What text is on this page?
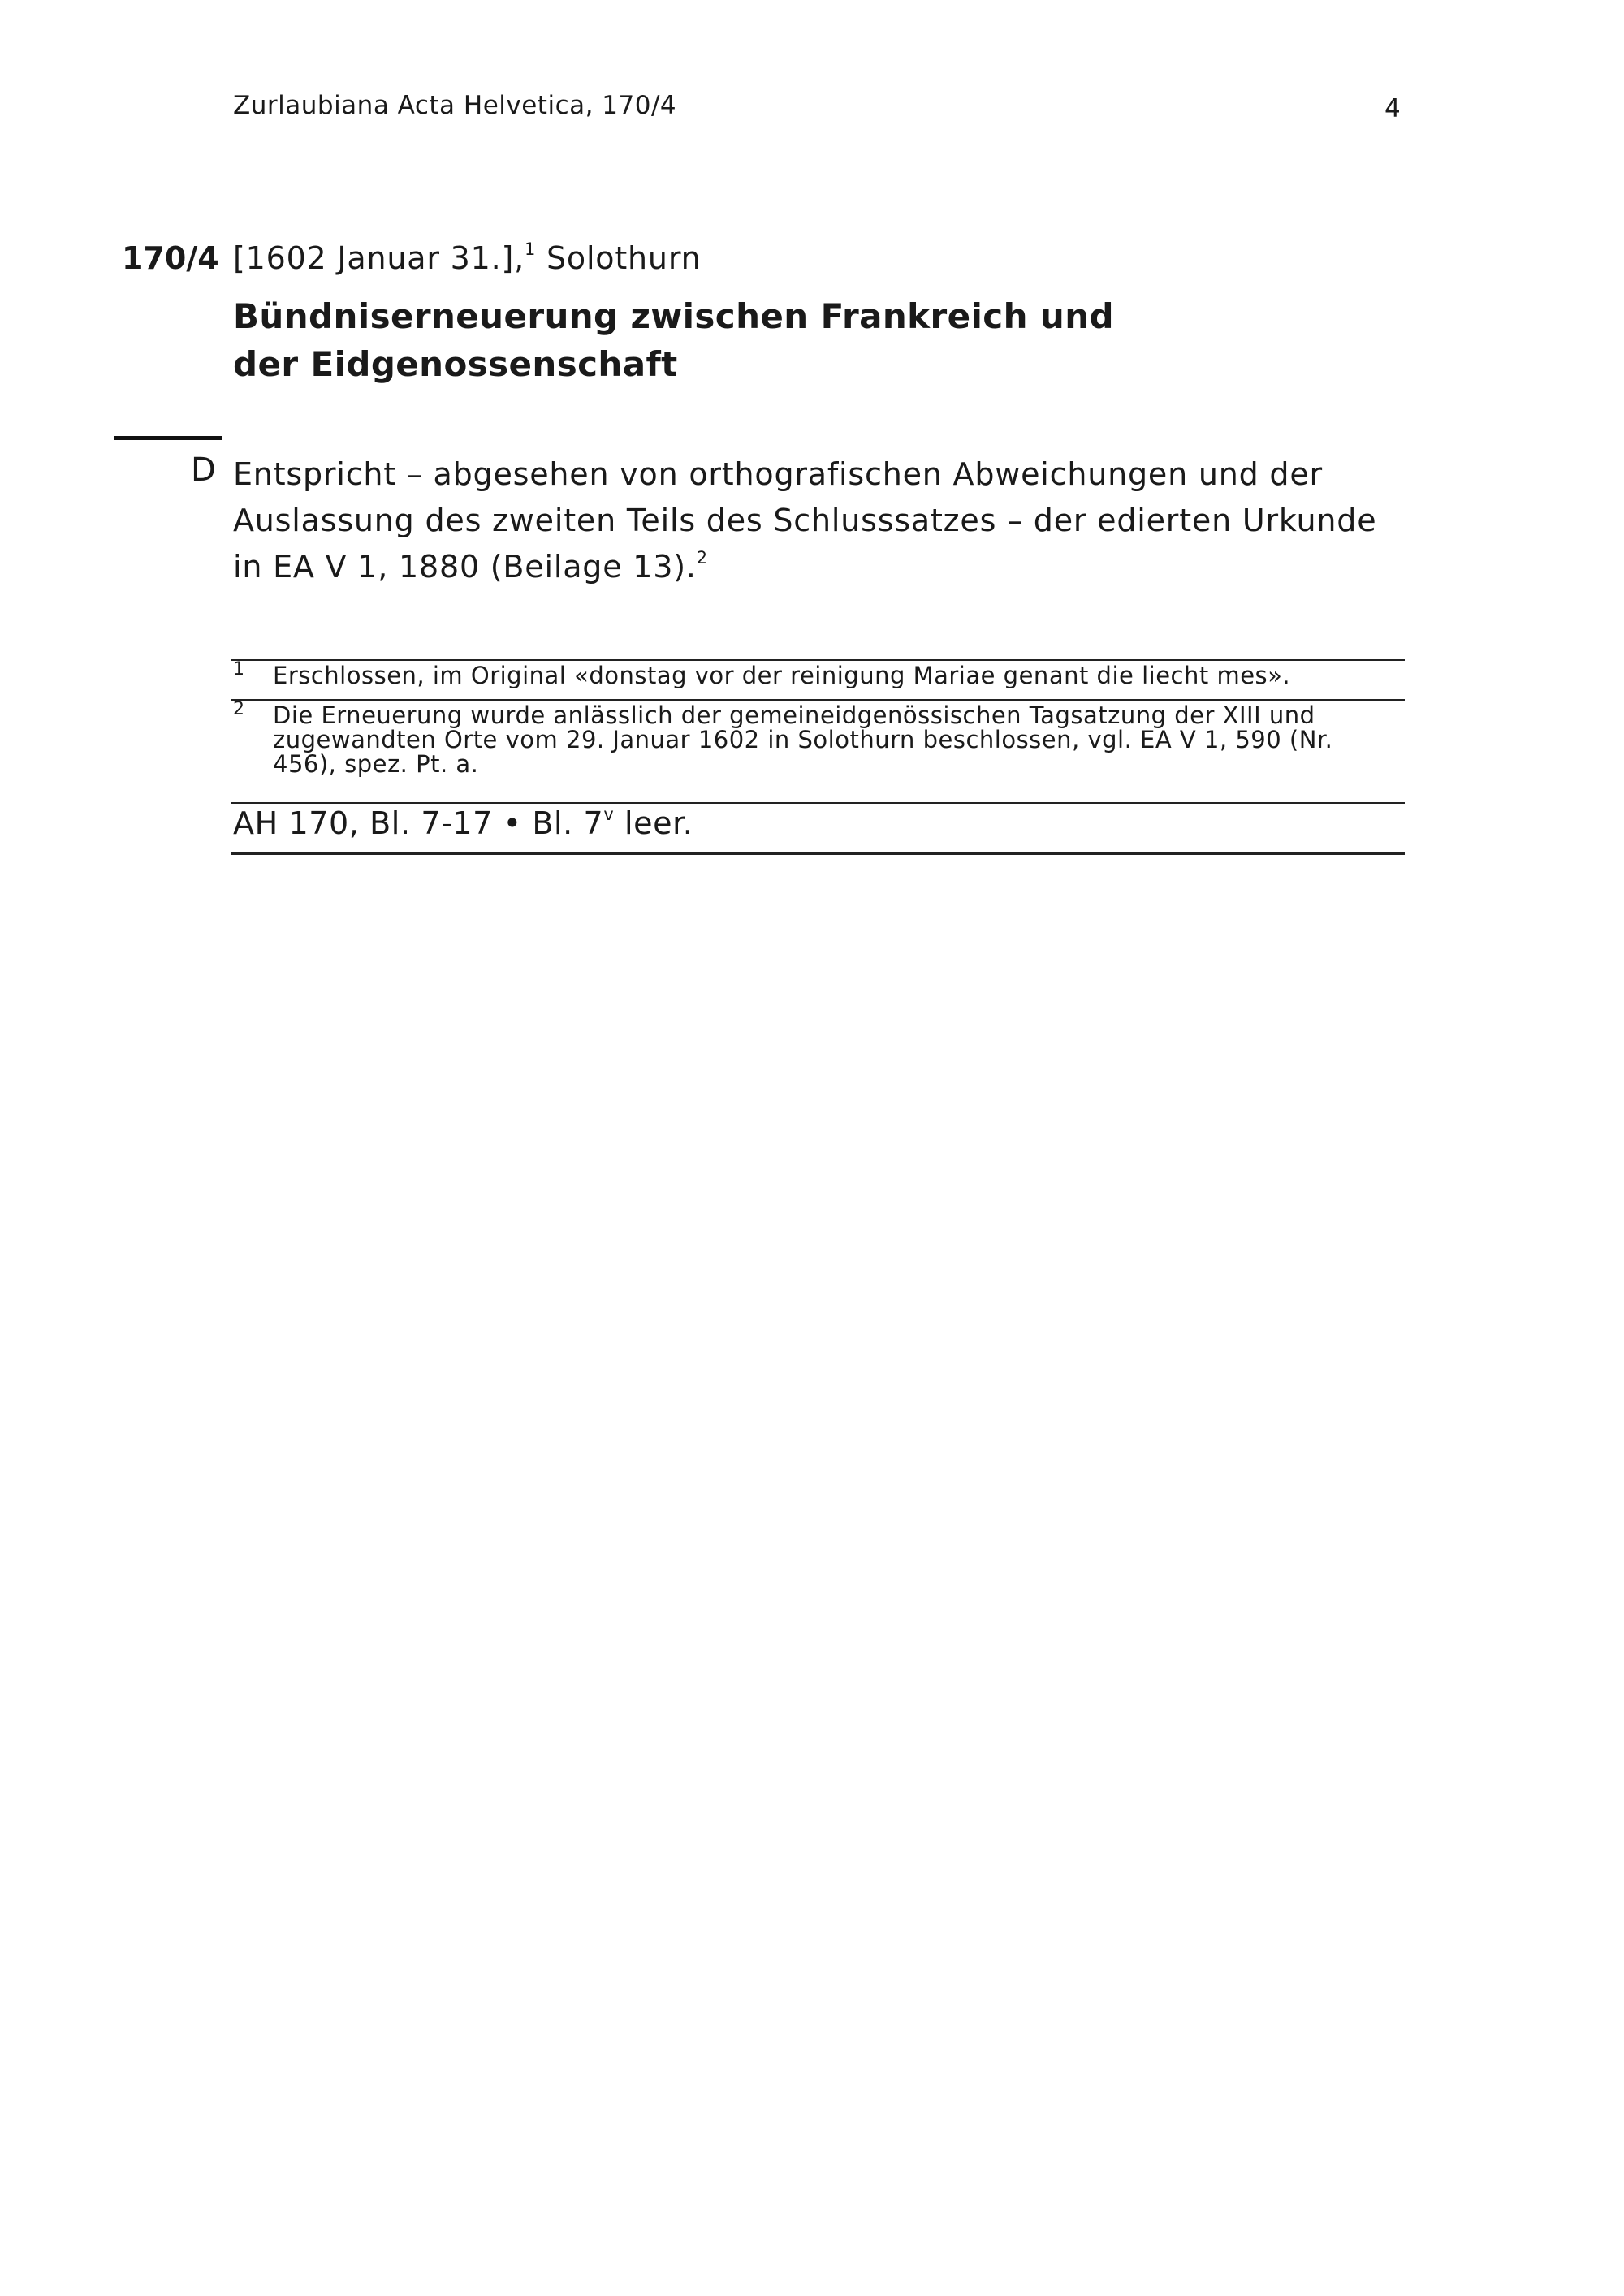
Zurlaubiana Acta Helvetica, 170/4	4
170/4 [1602 Januar 31.],$^1$ Solothurn
Bündniserneuerung zwischen Frankreich und der Eidgenossenschaft
D Entspricht – abgesehen von orthografischen Abweichungen und der Auslassung des zweiten Teils des Schlusssatzes – der edierten Urkunde in EA V 1, 1880 (Beilage 13).$^2$
1 Erschlossen, im Original «donstag vor der reinigung Mariae genant die liecht mes».
2 Die Erneuerung wurde anlässlich der gemeineidgenössischen Tagsatzung der XIII und zugewandten Orte vom 29. Januar 1602 in Solothurn beschlossen, vgl. EA V 1, 590 (Nr. 456), spez. Pt. a.
AH 170, Bl. 7-17 • Bl. 7$^v$ leer.
